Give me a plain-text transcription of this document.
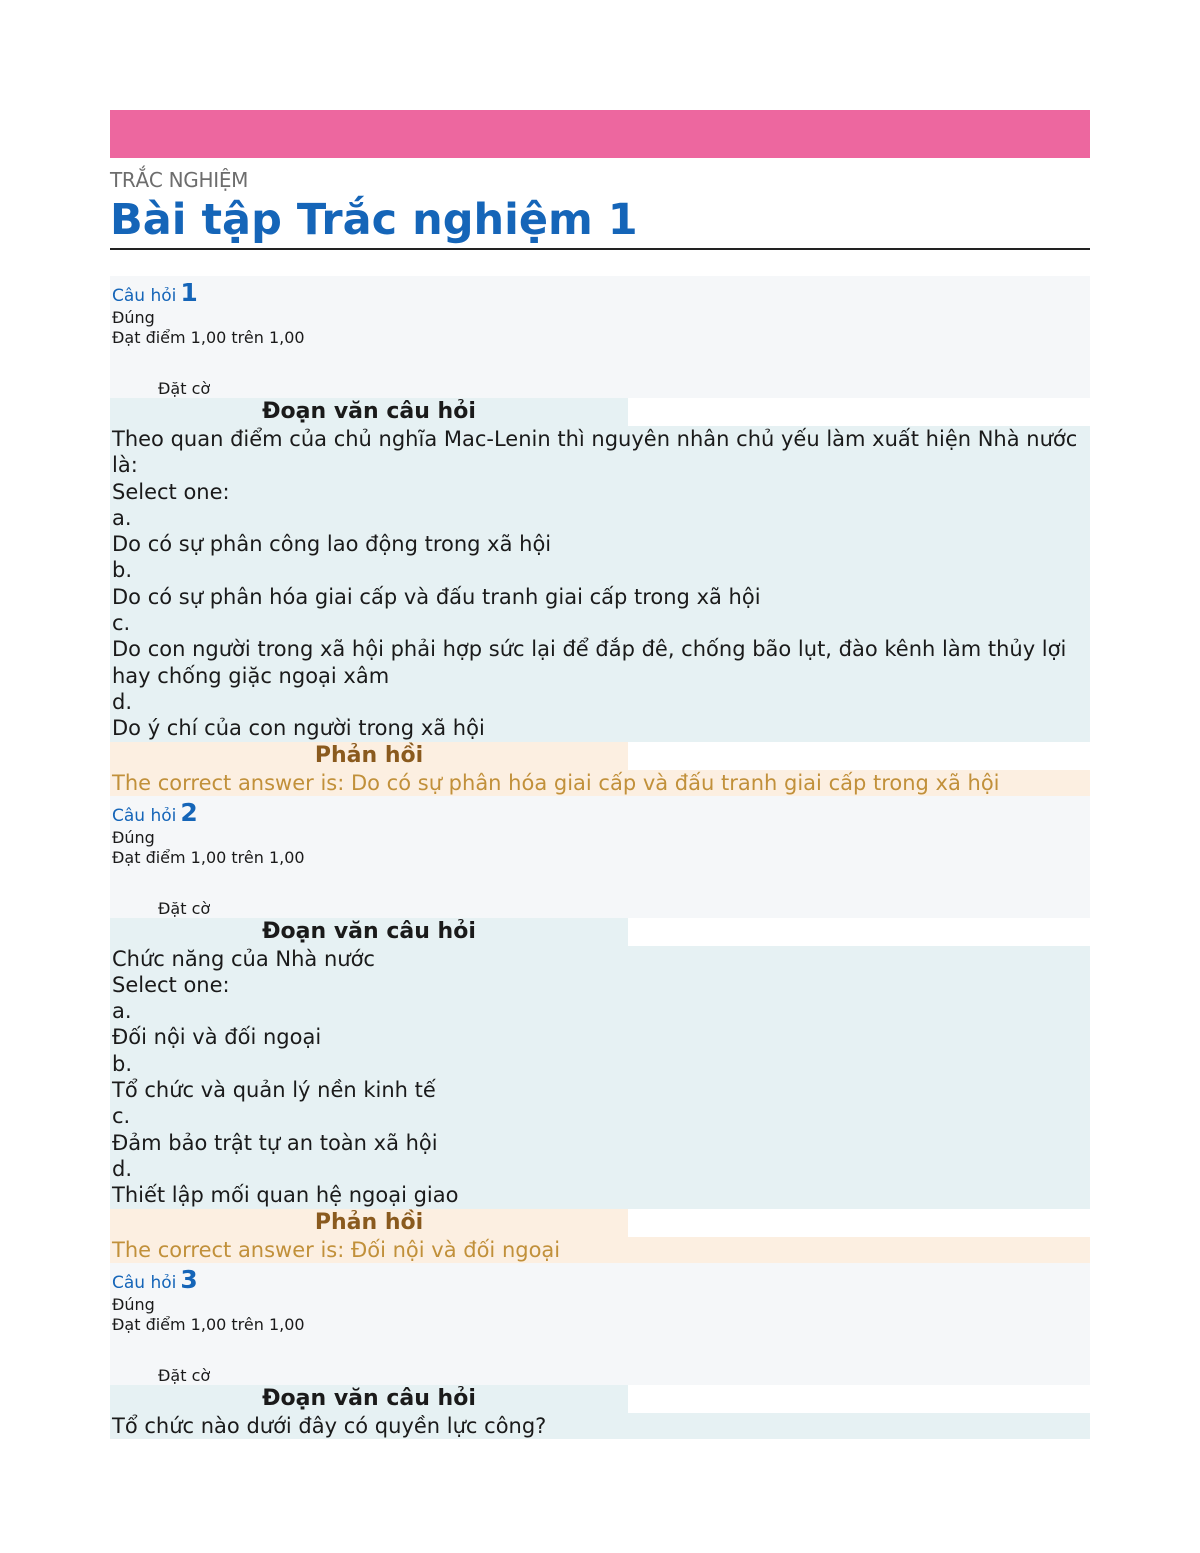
TRẮC NGHIỆM
Bài tập Trắc nghiệm 1
Câu hỏi 1
Đúng
Đạt điểm 1,00 trên 1,00
Đặt cờ
Đoạn văn câu hỏi
Theo quan điểm của chủ nghĩa Mac-Lenin thì nguyên nhân chủ yếu làm xuất hiện Nhà nước là:
Select one:
a.
Do có sự phân công lao động trong xã hội
b.
Do có sự phân hóa giai cấp và đấu tranh giai cấp trong xã hội
c.
Do con người trong xã hội phải hợp sức lại để đắp đê, chống bão lụt, đào kênh làm thủy lợi hay chống giặc ngoại xâm
d.
Do ý chí của con người trong xã hội
Phản hồi
The correct answer is: Do có sự phân hóa giai cấp và đấu tranh giai cấp trong xã hội
Câu hỏi 2
Đúng
Đạt điểm 1,00 trên 1,00
Đặt cờ
Đoạn văn câu hỏi
Chức năng của Nhà nước
Select one:
a.
Đối nội và đối ngoại
b.
Tổ chức và quản lý nền kinh tế
c.
Đảm bảo trật tự an toàn xã hội
d.
Thiết lập mối quan hệ ngoại giao
Phản hồi
The correct answer is: Đối nội và đối ngoại
Câu hỏi 3
Đúng
Đạt điểm 1,00 trên 1,00
Đặt cờ
Đoạn văn câu hỏi
Tổ chức nào dưới đây có quyền lực công?
